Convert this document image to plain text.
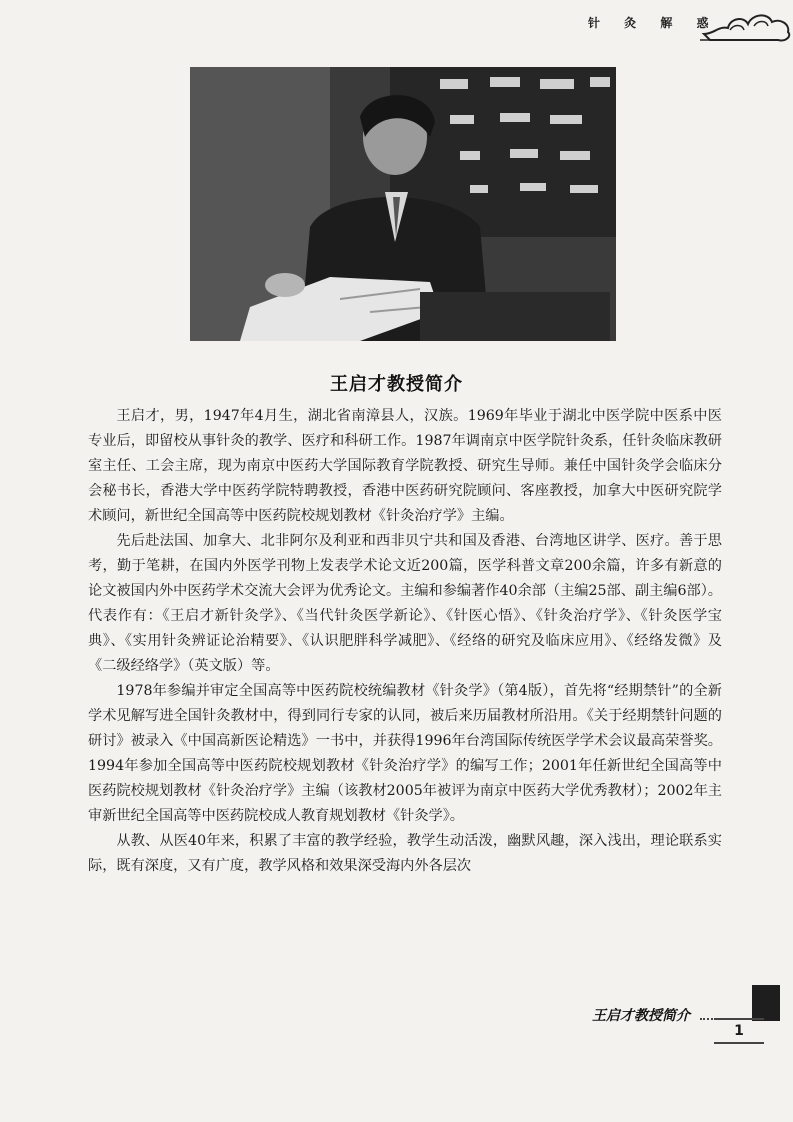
针 灸 解 惑
王启才教授简介

王启才，男，1947年4月生，湖北省南漳县人，汉族。1969年毕业于湖北中医学院中医系中医专业后，即留校从事针灸的教学、医疗和科研工作。1987年调南京中医学院针灸系，任针灸临床教研室主任、工会主席，现为南京中医药大学国际教育学院教授、研究生导师。兼任中国针灸学会临床分会秘书长，香港大学中医药学院特聘教授，香港中医药研究院顾问、客座教授，加拿大中医研究院学术顾问，新世纪全国高等中医药院校规划教材《针灸治疗学》主编。

先后赴法国、加拿大、北非阿尔及利亚和西非贝宁共和国及香港、台湾地区讲学、医疗。善于思考，勤于笔耕，在国内外医学刊物上发表学术论文近200篇，医学科普文章200余篇，许多有新意的论文被国内外中医药学术交流大会评为优秀论文。主编和参编著作40余部（主编25部、副主编6部）。代表作有：《王启才新针灸学》、《当代针灸医学新论》、《针医心悟》、《针灸治疗学》、《针灸医学宝典》、《实用针灸辨证论治精要》、《认识肥胖科学减肥》、《经络的研究及临床应用》、《经络发微》及《二级经络学》（英文版）等。

1978年参编并审定全国高等中医药院校统编教材《针灸学》（第4版），首先将“经期禁针”的全新学术见解写进全国针灸教材中，得到同行专家的认同，被后来历届教材所沿用。《关于经期禁针问题的研讨》被录入《中国高新医论精选》一书中，并获得1996年台湾国际传统医学学术会议最高荣誉奖。1994年参加全国高等中医药院校规划教材《针灸治疗学》的编写工作；2001年任新世纪全国高等中医药院校规划教材《针灸治疗学》主编（该教材2005年被评为南京中医药大学优秀教材）；2002年主审新世纪全国高等中医药院校成人教育规划教材《针灸学》。

从教、从医40年来，积累了丰富的教学经验，教学生动活泼，幽默风趣，深入浅出，理论联系实际，既有深度，又有广度，教学风格和效果深受海内外各层次

王启才教授简介
1
